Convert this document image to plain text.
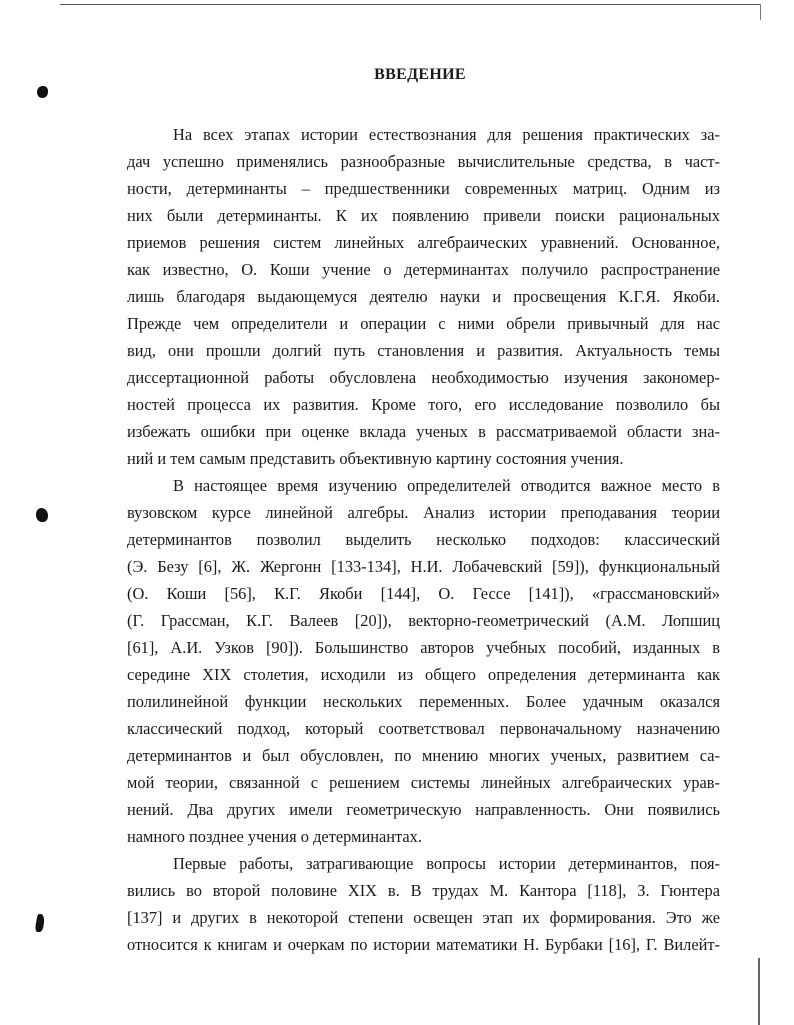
ВВЕДЕНИЕ
На всех этапах истории естествознания для решения практических за-
дач успешно применялись разнообразные вычислительные средства, в част-
ности, детерминанты – предшественники современных матриц. Одним из
них были детерминанты. К их появлению привели поиски рациональных
приемов решения систем линейных алгебраических уравнений. Основанное,
как известно, О. Коши учение о детерминантах получило распространение
лишь благодаря выдающемуся деятелю науки и просвещения К.Г.Я. Якоби.
Прежде чем определители и операции с ними обрели привычный для нас
вид, они прошли долгий путь становления и развития. Актуальность темы
диссертационной работы обусловлена необходимостью изучения закономер-
ностей процесса их развития. Кроме того, его исследование позволило бы
избежать ошибки при оценке вклада ученых в рассматриваемой области зна-
ний и тем самым представить объективную картину состояния учения.
В настоящее время изучению определителей отводится важное место в
вузовском курсе линейной алгебры. Анализ истории преподавания теории
детерминантов позволил выделить несколько подходов: классический
(Э. Безу [6], Ж. Жергонн [133-134], Н.И. Лобачевский [59]), функциональный
(О. Коши [56], К.Г. Якоби [144], О. Гессе [141]), «грассмановский»
(Г. Грассман, К.Г. Валеев [20]), векторно-геометрический (А.М. Лопшиц
[61], А.И. Узков [90]). Большинство авторов учебных пособий, изданных в
середине XIX столетия, исходили из общего определения детерминанта как
полилинейной функции нескольких переменных. Более удачным оказался
классический подход, который соответствовал первоначальному назначению
детерминантов и был обусловлен, по мнению многих ученых, развитием са-
мой теории, связанной с решением системы линейных алгебраических урав-
нений. Два других имели геометрическую направленность. Они появились
намного позднее учения о детерминантах.
Первые работы, затрагивающие вопросы истории детерминантов, поя-
вились во второй половине XIX в. В трудах М. Кантора [118], З. Гюнтера
[137] и других в некоторой степени освещен этап их формирования. Это же
относится к книгам и очеркам по истории математики Н. Бурбаки [16], Г. Вилейт-
